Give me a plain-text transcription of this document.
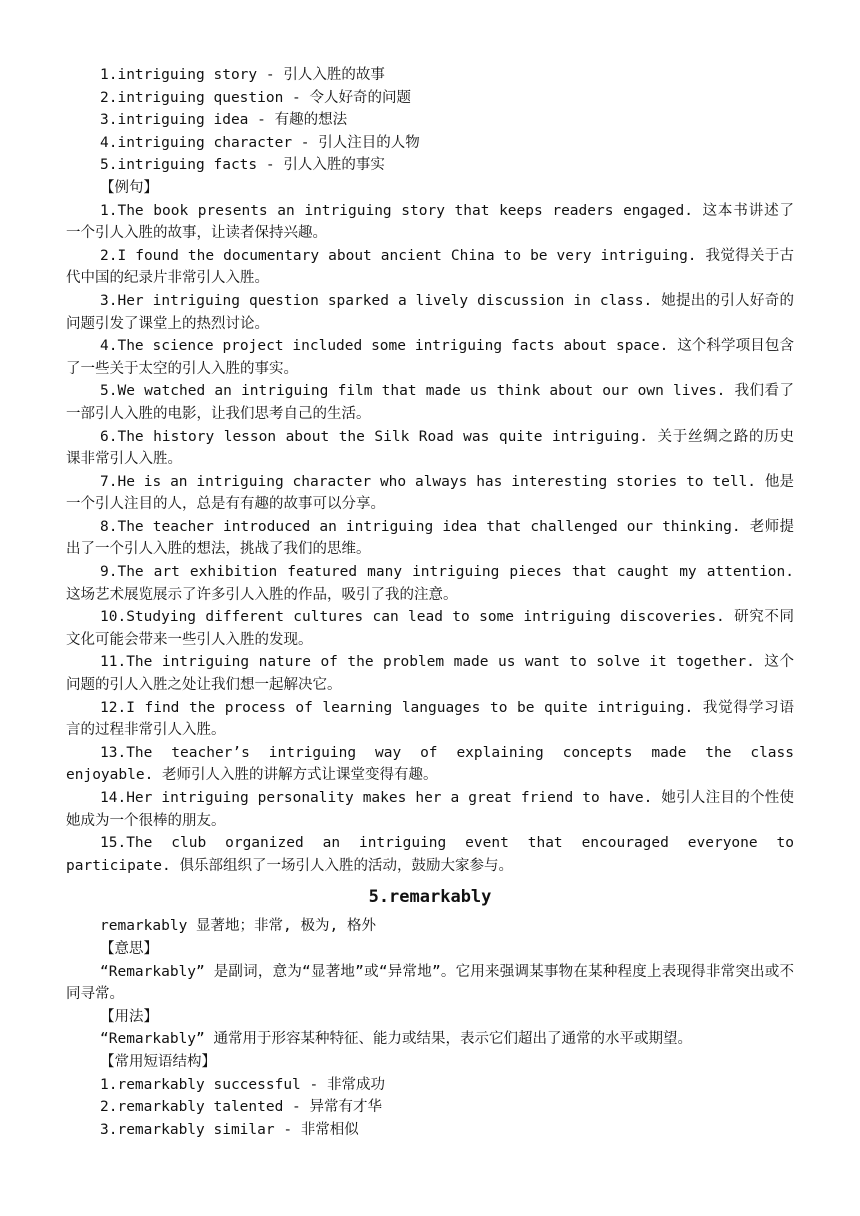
1.intriguing story - 引人入胜的故事
2.intriguing question - 令人好奇的问题
3.intriguing idea - 有趣的想法
4.intriguing character - 引人注目的人物
5.intriguing facts - 引人入胜的事实
【例句】
1.The book presents an intriguing story that keeps readers engaged. 这本书讲述了一个引人入胜的故事，让读者保持兴趣。
2.I found the documentary about ancient China to be very intriguing. 我觉得关于古代中国的纪录片非常引人入胜。
3.Her intriguing question sparked a lively discussion in class. 她提出的引人好奇的问题引发了课堂上的热烈讨论。
4.The science project included some intriguing facts about space. 这个科学项目包含了一些关于太空的引人入胜的事实。
5.We watched an intriguing film that made us think about our own lives. 我们看了一部引人入胜的电影，让我们思考自己的生活。
6.The history lesson about the Silk Road was quite intriguing. 关于丝绸之路的历史课非常引人入胜。
7.He is an intriguing character who always has interesting stories to tell. 他是一个引人注目的人，总是有有趣的故事可以分享。
8.The teacher introduced an intriguing idea that challenged our thinking. 老师提出了一个引人入胜的想法，挑战了我们的思维。
9.The art exhibition featured many intriguing pieces that caught my attention. 这场艺术展览展示了许多引人入胜的作品，吸引了我的注意。
10.Studying different cultures can lead to some intriguing discoveries. 研究不同文化可能会带来一些引人入胜的发现。
11.The intriguing nature of the problem made us want to solve it together. 这个问题的引人入胜之处让我们想一起解决它。
12.I find the process of learning languages to be quite intriguing. 我觉得学习语言的过程非常引人入胜。
13.The teacher’s intriguing way of explaining concepts made the class enjoyable. 老师引人入胜的讲解方式让课堂变得有趣。
14.Her intriguing personality makes her a great friend to have. 她引人注目的个性使她成为一个很棒的朋友。
15.The club organized an intriguing event that encouraged everyone to participate. 俱乐部组织了一场引人入胜的活动，鼓励大家参与。
5.remarkably
remarkably 显著地；非常, 极为, 格外
【意思】
“Remarkably” 是副词，意为“显著地”或“异常地”。它用来强调某事物在某种程度上表现得非常突出或不同寻常。
【用法】
“Remarkably” 通常用于形容某种特征、能力或结果，表示它们超出了通常的水平或期望。
【常用短语结构】
1.remarkably successful - 非常成功
2.remarkably talented - 异常有才华
3.remarkably similar - 非常相似
